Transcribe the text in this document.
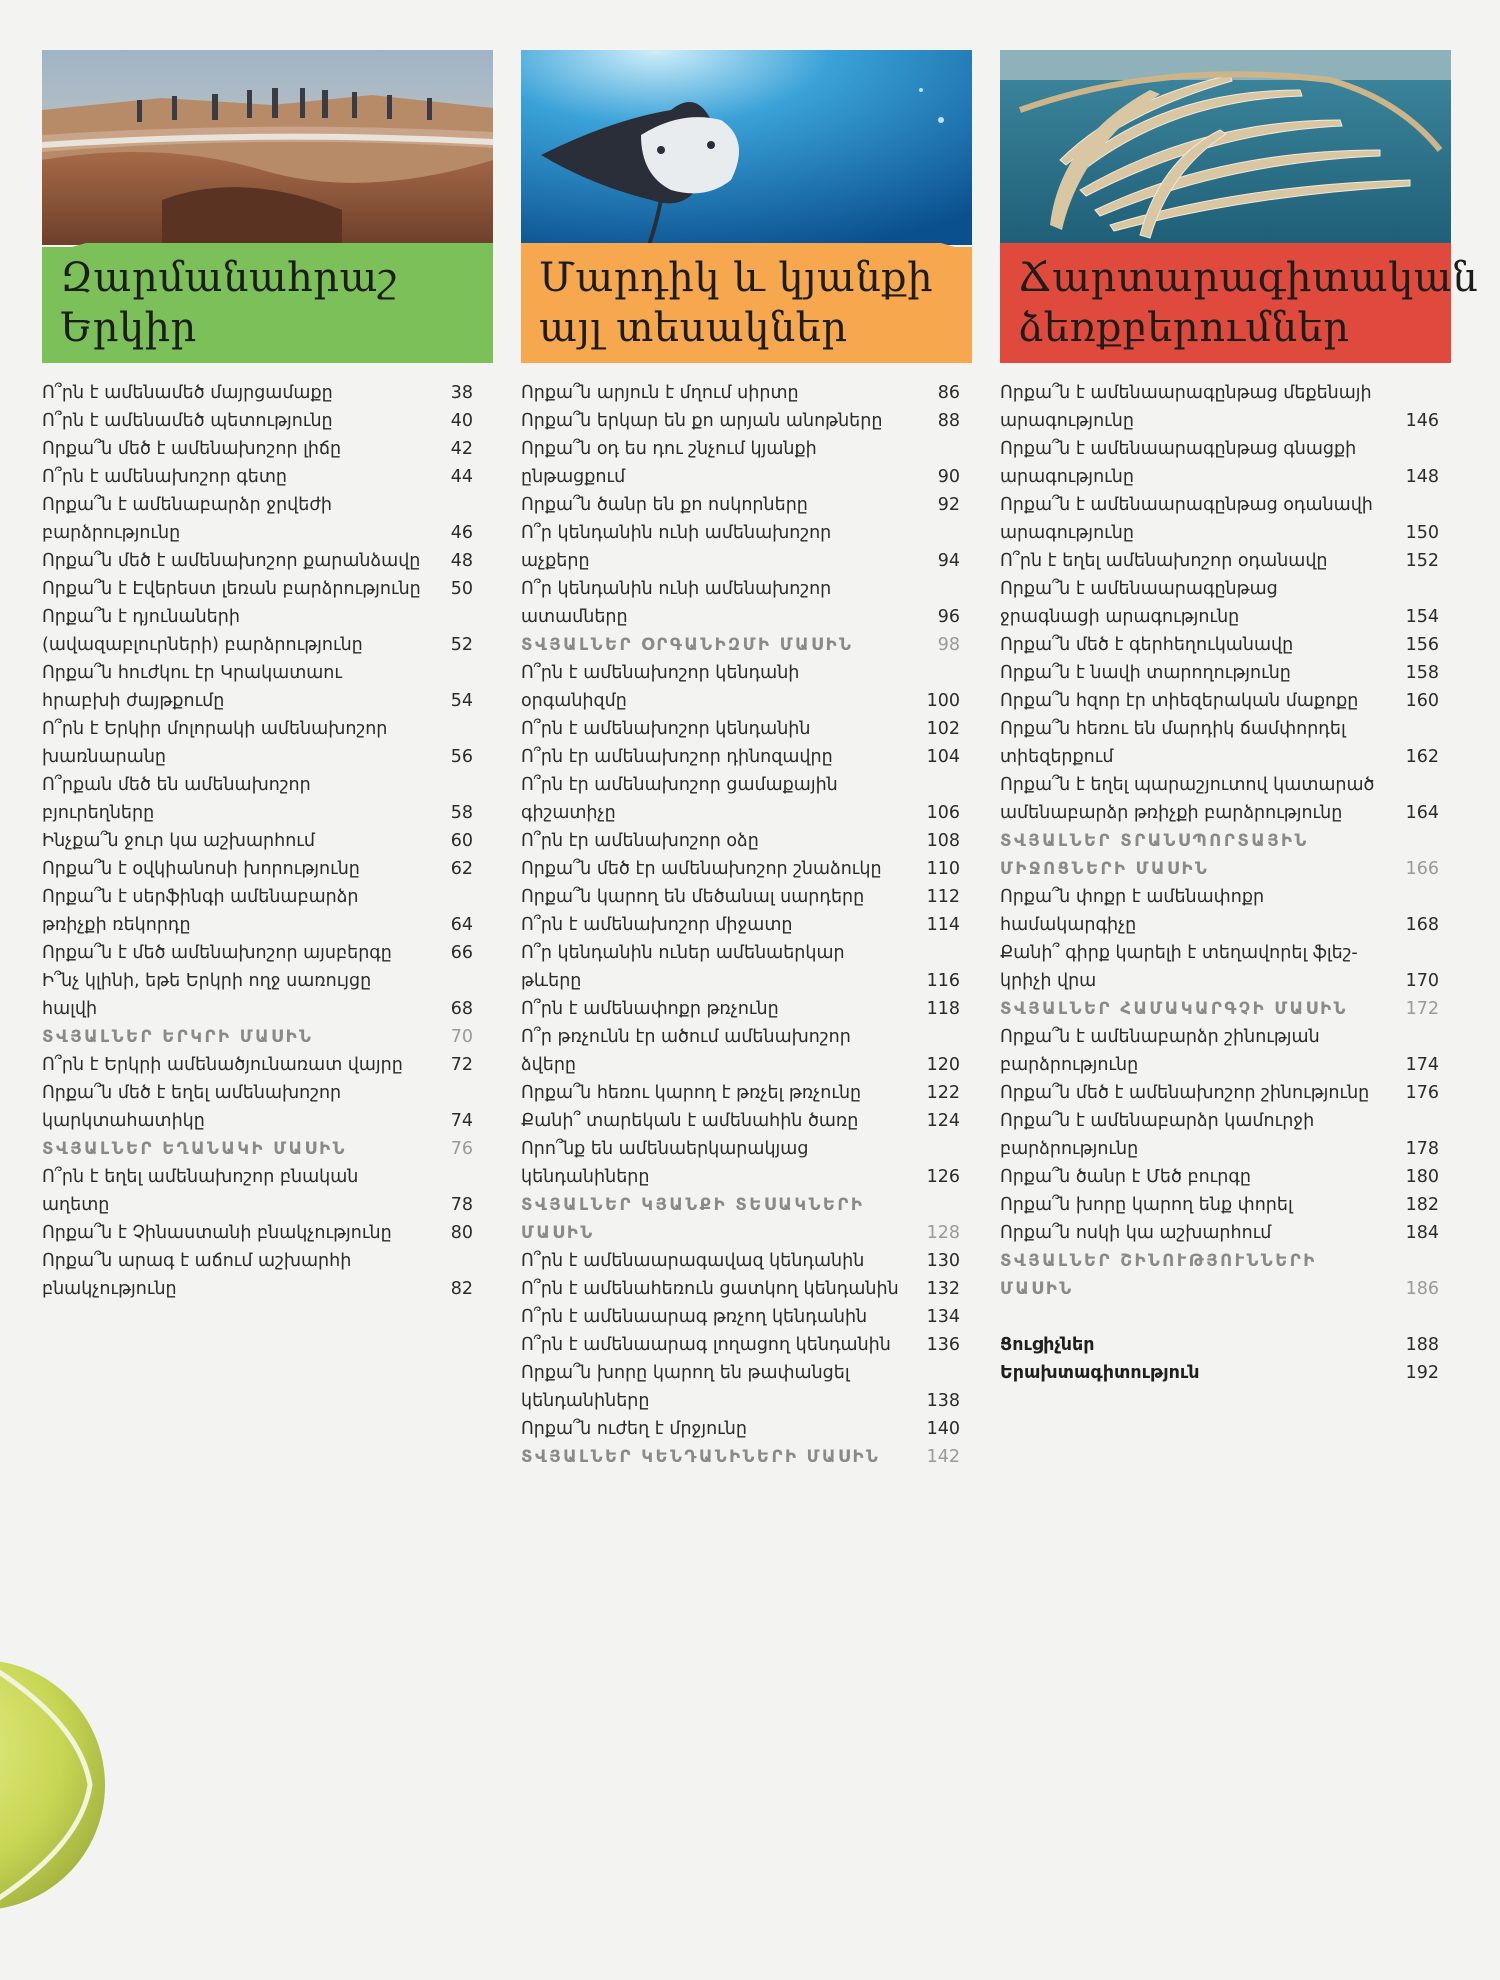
Զարմանահրաշ
Երկիր
Ո՞րն է ամենամեծ մայրցամաքը	38
Ո՞րն է ամենամեծ պետությունը	40
Որքա՞ն մեծ է ամենախոշոր լիճը	42
Ո՞րն է ամենախոշոր գետը	44
Որքա՞ն է ամենաբարձր ջրվեժի բարձրությունը	46
Որքա՞ն մեծ է ամենախոշոր քարանձավը	48
Որքա՞ն է Էվերեստ լեռան բարձրությունը	50
Որքա՞ն է դյունաների (ավազաբլուրների) բարձրությունը	52
Որքա՞ն հուժկու էր Կրակատաու հրաբխի ժայթքումը	54
Ո՞րն է Երկիր մոլորակի ամենախոշոր խառնարանը	56
Ո՞րքան մեծ են ամենախոշոր բյուրեղները	58
Ինչքա՞ն ջուր կա աշխարհում	60
Որքա՞ն է օվկիանոսի խորությունը	62
Որքա՞ն է սերֆինգի ամենաբարձր թռիչքի ռեկորդը	64
Որքա՞ն է մեծ ամենախոշոր այսբերգը	66
Ի՞նչ կլինի, եթե Երկրի ողջ սառույցը հալվի	68
ՏՎՅԱԼՆԵՐ ԵՐԿՐԻ ՄԱՍԻՆ	70
Ո՞րն է Երկրի ամենածյունառատ վայրը	72
Որքա՞ն մեծ է եղել ամենախոշոր կարկտահատիկը	74
ՏՎՅԱԼՆԵՐ ԵՂԱՆԱԿԻ ՄԱՍԻՆ	76
Ո՞րն է եղել ամենախոշոր բնական աղետը	78
Որքա՞ն է Չինաստանի բնակչությունը	80
Որքա՞ն արագ է աճում աշխարհի բնակչությունը	82
Մարդիկ և կյանքի
այլ տեսակներ
Որքա՞ն արյուն է մղում սիրտը	86
Որքա՞ն երկար են քո արյան անոթները	88
Որքա՞ն օդ ես դու շնչում կյանքի ընթացքում	90
Որքա՞ն ծանր են քո ոսկորները	92
Ո՞ր կենդանին ունի ամենախոշոր աչքերը	94
Ո՞ր կենդանին ունի ամենախոշոր ատամները	96
ՏՎՅԱԼՆԵՐ ՕՐԳԱՆԻԶՄԻ ՄԱՍԻՆ	98
Ո՞րն է ամենախոշոր կենդանի օրգանիզմը	100
Ո՞րն է ամենախոշոր կենդանին	102
Ո՞րն էր ամենախոշոր դինոզավրը	104
Ո՞րն էր ամենախոշոր ցամաքային գիշատիչը	106
Ո՞րն էր ամենախոշոր օձը	108
Որքա՞ն մեծ էր ամենախոշոր շնաձուկը	110
Որքա՞ն կարող են մեծանալ սարդերը	112
Ո՞րն է ամենախոշոր միջատը	114
Ո՞ր կենդանին ուներ ամենաերկար թևերը	116
Ո՞րն է ամենափոքր թռչունը	118
Ո՞ր թռչունն էր ածում ամենախոշոր ձվերը	120
Որքա՞ն հեռու կարող է թռչել թռչունը	122
Քանի՞ տարեկան է ամենահին ծառը	124
Որո՞նք են ամենաերկարակյաց կենդանիները	126
ՏՎՅԱԼՆԵՐ ԿՅԱՆՔԻ ՏԵՍԱԿՆԵՐԻ ՄԱՍԻՆ	128
Ո՞րն է ամենաարագավազ կենդանին	130
Ո՞րն է ամենահեռուն ցատկող կենդանին	132
Ո՞րն է ամենաարագ թռչող կենդանին	134
Ո՞րն է ամենաարագ լողացող կենդանին	136
Որքա՞ն խորը կարող են թափանցել կենդանիները	138
Որքա՞ն ուժեղ է մրջյունը	140
ՏՎՅԱԼՆԵՐ ԿԵՆԴԱՆԻՆԵՐԻ ՄԱՍԻՆ	142
Ճարտարագիտական
ձեռքբերումներ
Որքա՞ն է ամենաարագընթաց մեքենայի արագությունը	146
Որքա՞ն է ամենաարագընթաց գնացքի արագությունը	148
Որքա՞ն է ամենաարագընթաց օդանավի արագությունը	150
Ո՞րն է եղել ամենախոշոր օդանավը	152
Որքա՞ն է ամենաարագընթաց ջրագնացի արագությունը	154
Որքա՞ն մեծ է գերհեղուկանավը	156
Որքա՞ն է նավի տարողությունը	158
Որքա՞ն հզոր էր տիեզերական մաքոքը	160
Որքա՞ն հեռու են մարդիկ ճամփորդել տիեզերքում	162
Որքա՞ն է եղել պարաշյուտով կատարած ամենաբարձր թռիչքի բարձրությունը	164
ՏՎՅԱԼՆԵՐ ՏՐԱՆՍՊՈՐՏԱՅԻՆ ՄԻՋՈՑՆԵՐԻ ՄԱՍԻՆ	166
Որքա՞ն փոքր է ամենափոքր համակարգիչը	168
Քանի՞ գիրք կարելի է տեղավորել ֆլեշ-կրիչի վրա	170
ՏՎՅԱԼՆԵՐ ՀԱՄԱԿԱՐԳՉԻ ՄԱՍԻՆ	172
Որքա՞ն է ամենաբարձր շինության բարձրությունը	174
Որքա՞ն մեծ է ամենախոշոր շինությունը	176
Որքա՞ն է ամենաբարձր կամուրջի բարձրությունը	178
Որքա՞ն ծանր է Մեծ բուրգը	180
Որքա՞ն խորը կարող ենք փորել	182
Որքա՞ն ոսկի կա աշխարհում	184
ՏՎՅԱԼՆԵՐ ՇԻՆՈՒԹՅՈՒՆՆԵՐԻ ՄԱՍԻՆ	186
Ցուցիչներ	188
Երախտագիտություն	192
